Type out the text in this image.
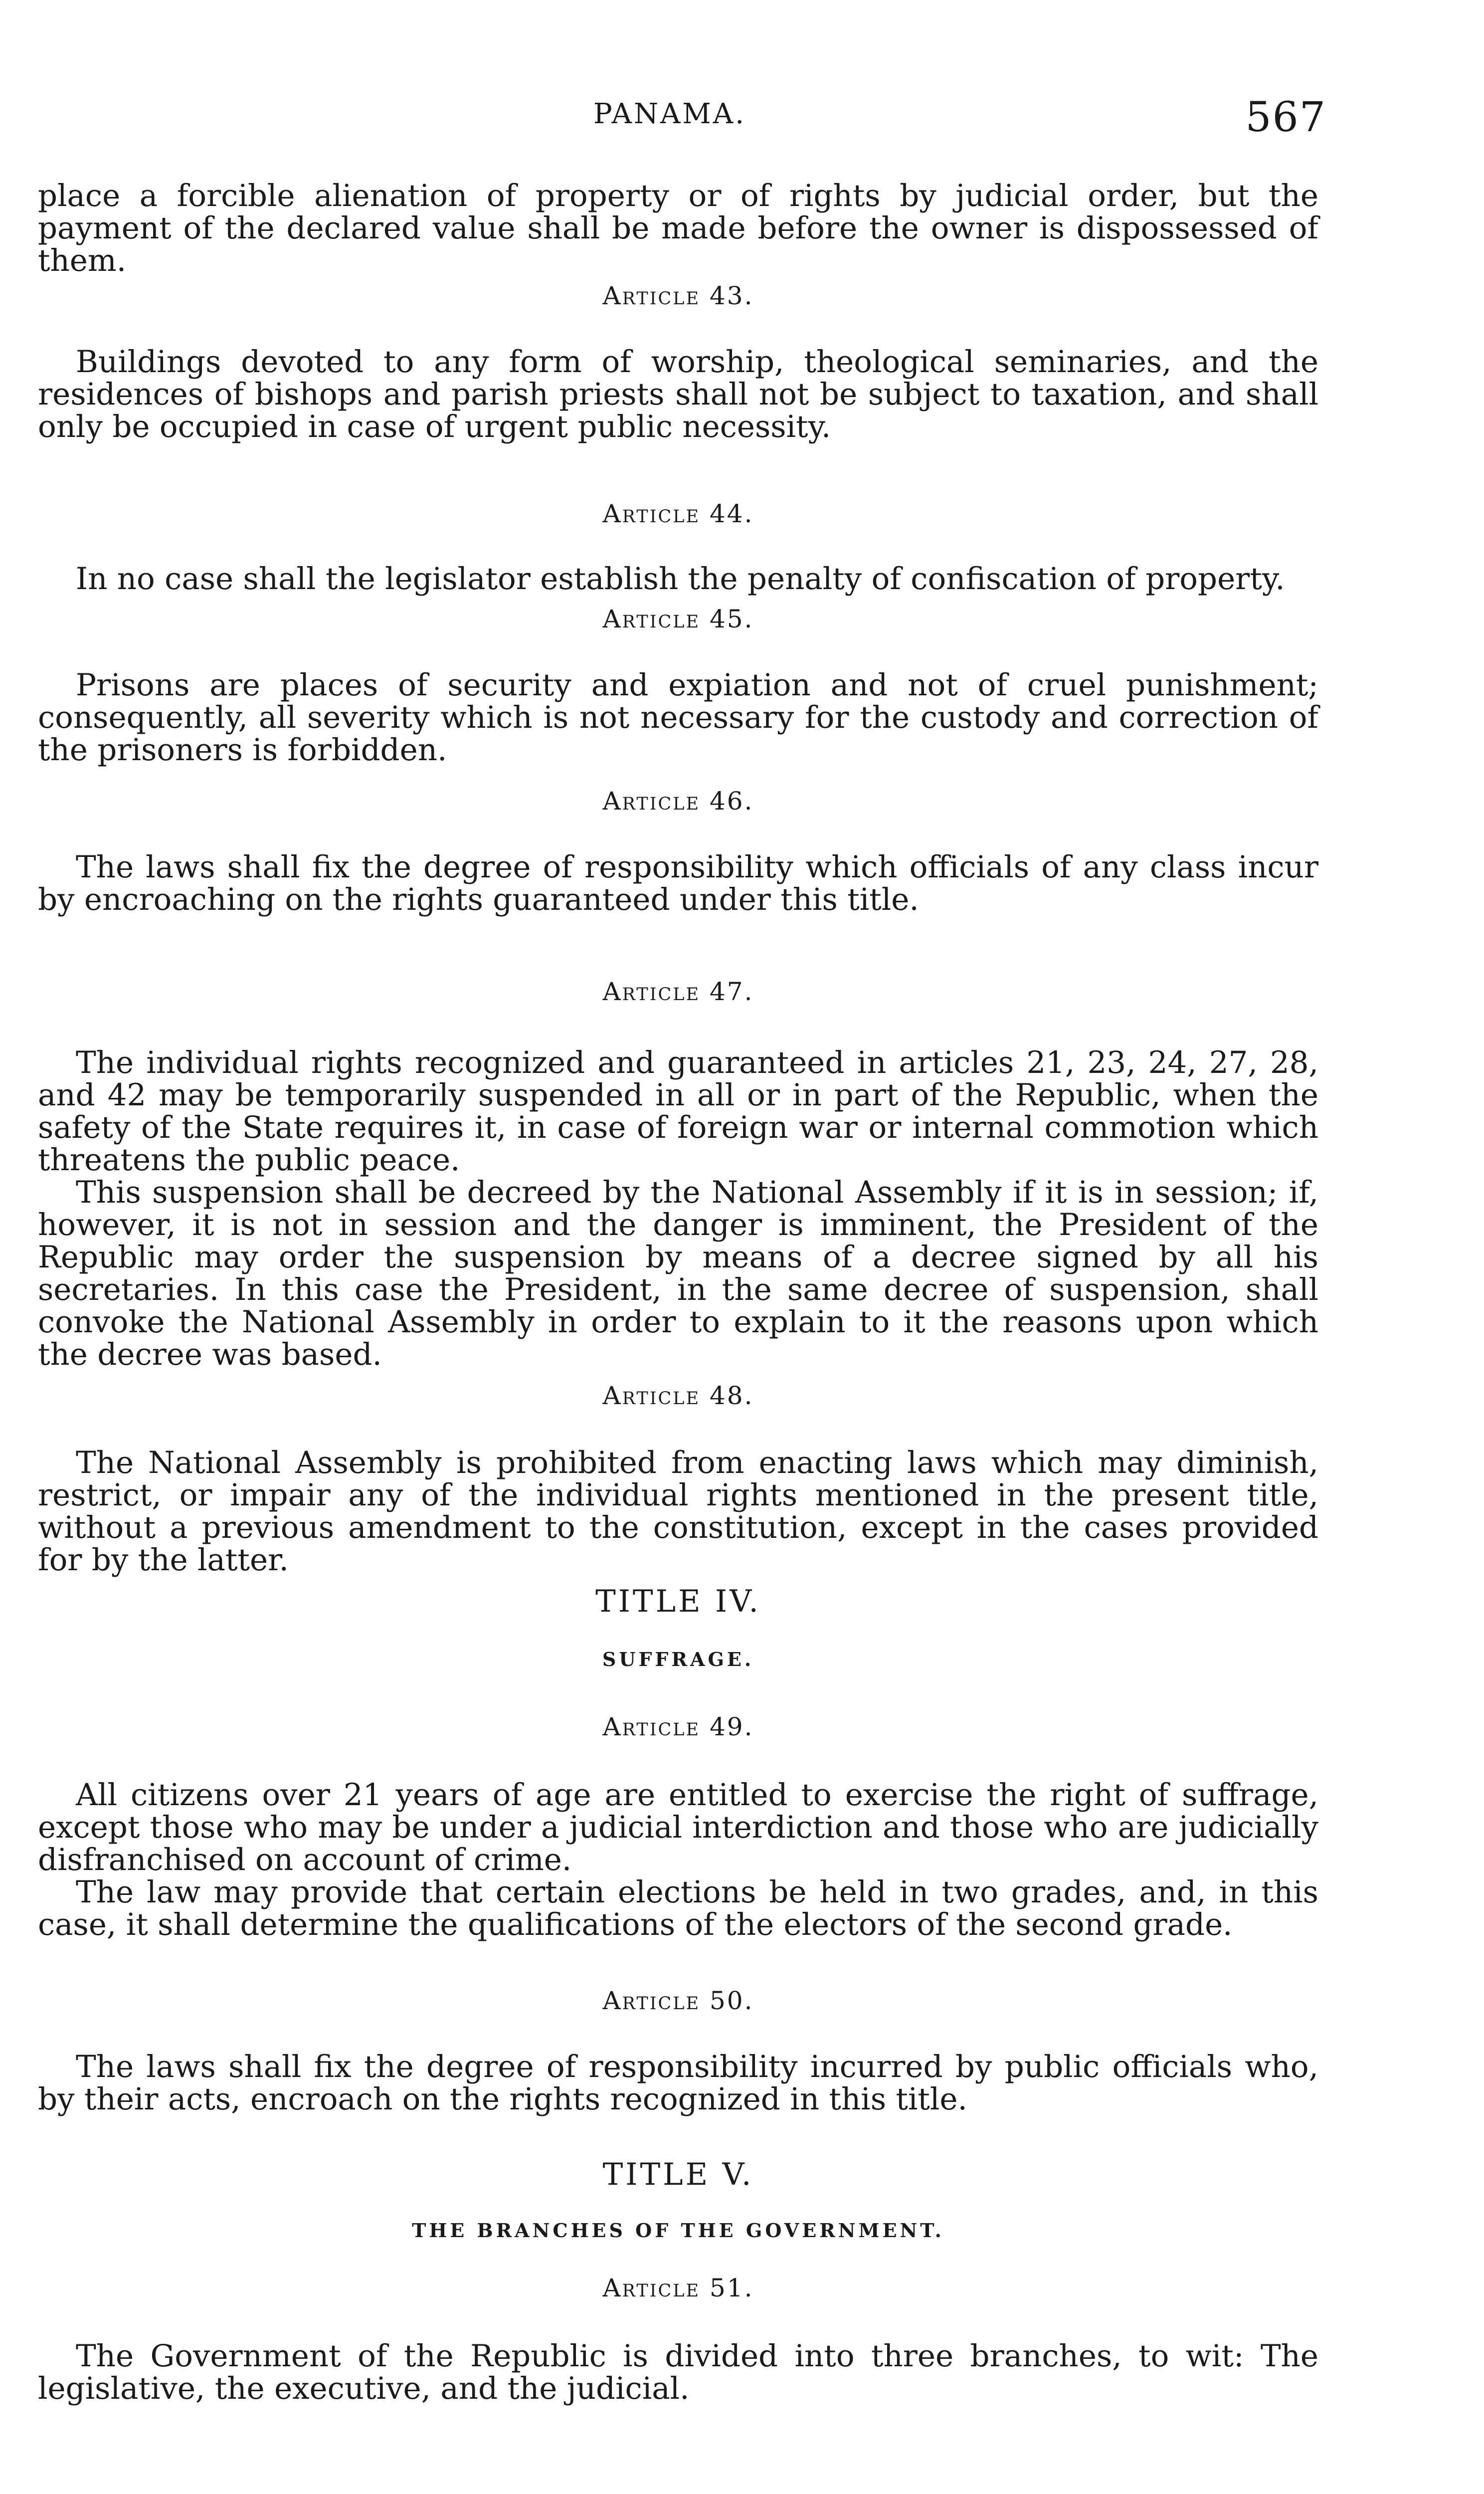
PANAMA.	567

place a forcible alienation of property or of rights by judicial order, but the payment of the declared value shall be made before the owner is dispossessed of them.

Article 43.

Buildings devoted to any form of worship, theological seminaries, and the residences of bishops and parish priests shall not be subject to taxation, and shall only be occupied in case of urgent public necessity.

Article 44.

In no case shall the legislator establish the penalty of confiscation of property.

Article 45.

Prisons are places of security and expiation and not of cruel punishment; consequently, all severity which is not necessary for the custody and correction of the prisoners is forbidden.

Article 46.

The laws shall fix the degree of responsibility which officials of any class incur by encroaching on the rights guaranteed under this title.

Article 47.

The individual rights recognized and guaranteed in articles 21, 23, 24, 27, 28, and 42 may be temporarily suspended in all or in part of the Republic, when the safety of the State requires it, in case of foreign war or internal commotion which threatens the public peace.

This suspension shall be decreed by the National Assembly if it is in session; if, however, it is not in session and the danger is imminent, the President of the Republic may order the suspension by means of a decree signed by all his secretaries. In this case the President, in the same decree of suspension, shall convoke the National Assembly in order to explain to it the reasons upon which the decree was based.

Article 48.

The National Assembly is prohibited from enacting laws which may diminish, restrict, or impair any of the individual rights mentioned in the present title, without a previous amendment to the constitution, except in the cases provided for by the latter.

TITLE IV.
SUFFRAGE.
Article 49.

All citizens over 21 years of age are entitled to exercise the right of suffrage, except those who may be under a judicial interdiction and those who are judicially disfranchised on account of crime.

The law may provide that certain elections be held in two grades, and, in this case, it shall determine the qualifications of the electors of the second grade.

Article 50.

The laws shall fix the degree of responsibility incurred by public officials who, by their acts, encroach on the rights recognized in this title.

TITLE V.
THE BRANCHES OF THE GOVERNMENT.
Article 51.

The Government of the Republic is divided into three branches, to wit: The legislative, the executive, and the judicial.
